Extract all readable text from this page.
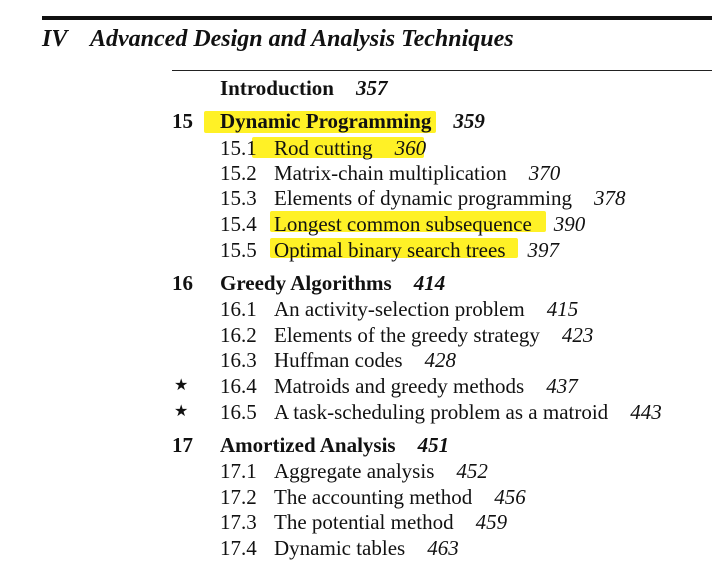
IV Advanced Design and Analysis Techniques
Introduction 357
15 Dynamic Programming 359
15.1 Rod cutting 360
15.2 Matrix-chain multiplication 370
15.3 Elements of dynamic programming 378
15.4 Longest common subsequence 390
15.5 Optimal binary search trees 397
16 Greedy Algorithms 414
16.1 An activity-selection problem 415
16.2 Elements of the greedy strategy 423
16.3 Huffman codes 428
★ 16.4 Matroids and greedy methods 437
★ 16.5 A task-scheduling problem as a matroid 443
17 Amortized Analysis 451
17.1 Aggregate analysis 452
17.2 The accounting method 456
17.3 The potential method 459
17.4 Dynamic tables 463
